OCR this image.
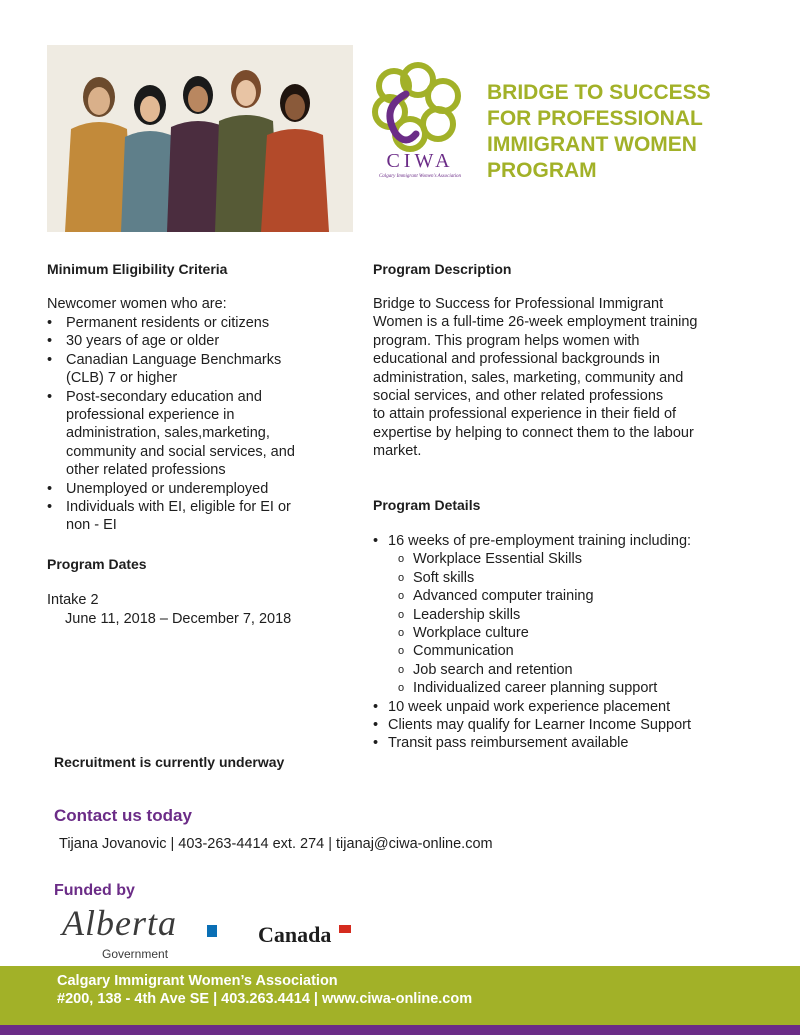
CIWA
Calgary Immigrant Women's Association
BRIDGE TO SUCCESS
FOR PROFESSIONAL
IMMIGRANT WOMEN
PROGRAM
Minimum Eligibility Criteria
Newcomer women who are:
• Permanent residents or citizens
• 30 years of age or older
• Canadian Language Benchmarks
(CLB) 7 or higher
• Post-secondary education and
professional experience in
administration, sales,marketing,
community and social services, and
other related professions
• Unemployed or underemployed
• Individuals with EI, eligible for EI or
non - EI
Program Dates
Intake 2
June 11, 2018 – December 7, 2018
Program Description
Bridge to Success for Professional Immigrant
Women is a full-time 26-week employment training
program. This program helps women with
educational and professional backgrounds in
administration, sales, marketing, community and
social services, and other related professions
to attain professional experience in their field of
expertise by helping to connect them to the labour
market.
Program Details
• 16 weeks of pre-employment training including:
o Workplace Essential Skills
o Soft skills
o Advanced computer training
o Leadership skills
o Workplace culture
o Communication
o Job search and retention
o Individualized career planning support
• 10 week unpaid work experience placement
• Clients may qualify for Learner Income Support
• Transit pass reimbursement available
Recruitment is currently underway
Contact us today
Tijana Jovanovic | 403-263-4414 ext. 274 | tijanaj@ciwa-online.com
Funded by
Alberta
Government
Canada
Calgary Immigrant Women’s Association
#200, 138 - 4th Ave SE | 403.263.4414 | www.ciwa-online.com
